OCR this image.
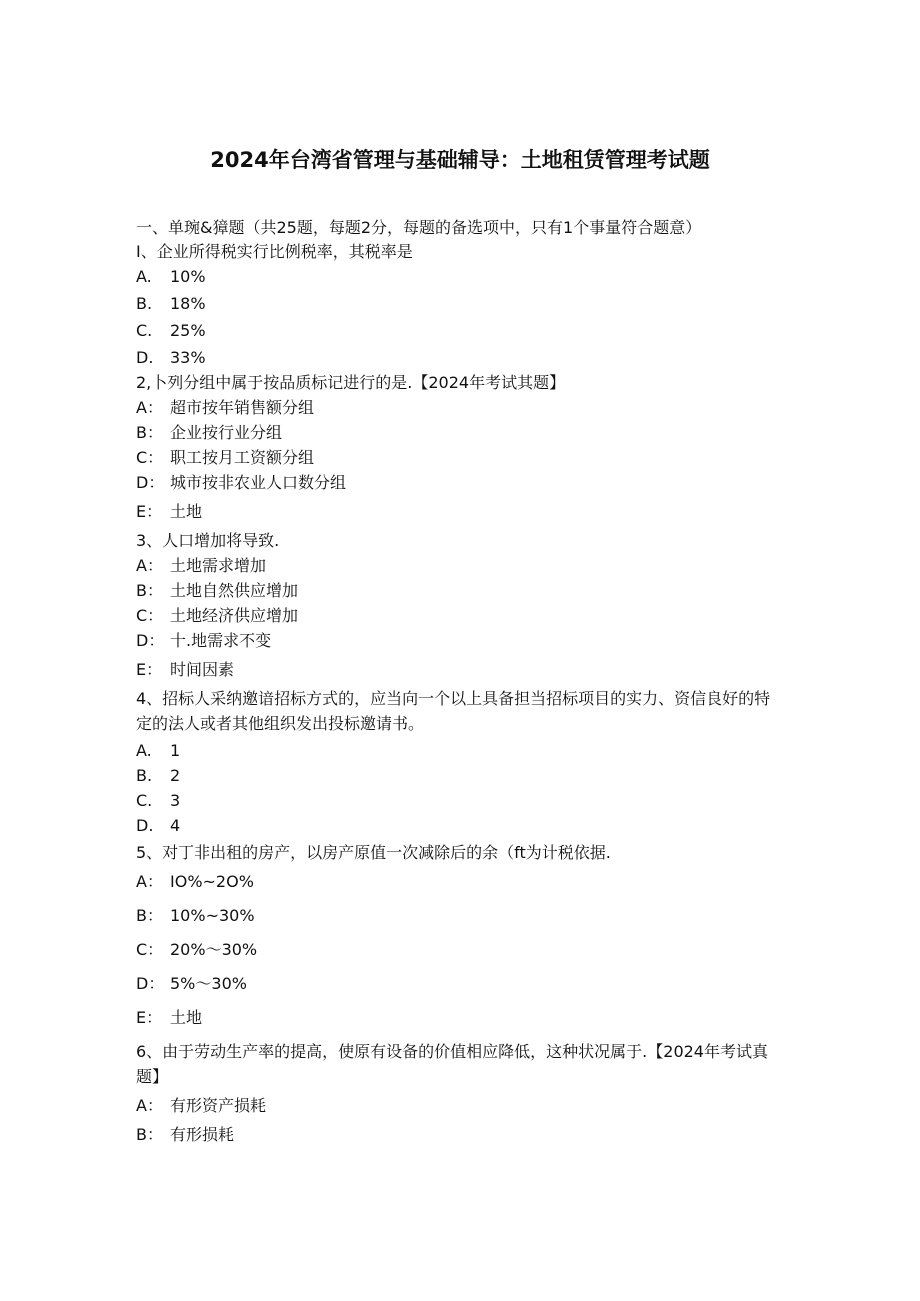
2024年台湾省管理与基础辅导：土地租赁管理考试题
一、单琬&獐题（共25题，每题2分，每题的备选项中，只有1个事量符合题意）
I、企业所得税实行比例税率，其税率是
A. 10%
B. 18%
C. 25%
D. 33%
2,卜列分组中属于按品质标记进行的是.【2024年考试其题】
A： 超市按年销售额分组
B： 企业按行业分组
C： 职工按月工资额分组
D： 城市按非农业人口数分组
E： 土地
3、人口增加将导致.
A： 土地需求增加
B： 土地自然供应增加
C： 土地经济供应增加
D： 十.地需求不变
E： 时间因素
4、招标人采纳邀谙招标方式的，应当向一个以上具备担当招标项目的实力、资信良好的特定的法人或者其他组织发出投标邀请书。
A. 1
B. 2
C. 3
D. 4
5、对丁非出租的房产，以房产原值一次减除后的余（ft为计税依据.
A： IO%~2O%
B： 10%~30%
C： 20%～30%
D： 5%～30%
E： 土地
6、由于劳动生产率的提高，使原有设备的价值相应降低，这种状况属于.【2024年考试真题】
A： 有形资产损耗
B： 有形损耗
